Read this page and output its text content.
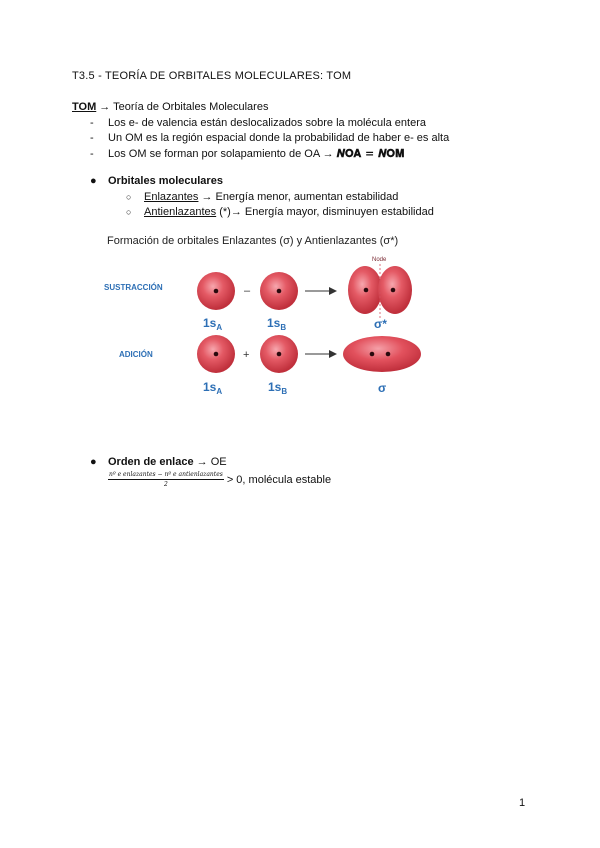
T3.5 - TEORÍA DE ORBITALES MOLECULARES: TOM
TOM → Teoría de Orbitales Moleculares
- Los e- de valencia están deslocalizados sobre la molécula entera
- Un OM es la región espacial donde la probabilidad de haber e- es alta
- Los OM se forman por solapamiento de OA → 𝑵𝐎𝐀 = 𝑵𝐎𝐌
● Orbitales moleculares
○ Enlazantes → Energía menor, aumentan estabilidad
○ Antienlazantes (*)→ Energía mayor, disminuyen estabilidad
Formación de orbitales Enlazantes (σ) y Antienlazantes (σ*)
SUSTRACCIÓN	–
Node
$1s_A$	$1s_B$	σ*
ADICIÓN	+
$1s_A$	$1s_B$	σ
● Orden de enlace → OE
$\frac{\text{nº e enlazantes − nº e antienlazantes}}{2} > 0$, molécula estable
1
